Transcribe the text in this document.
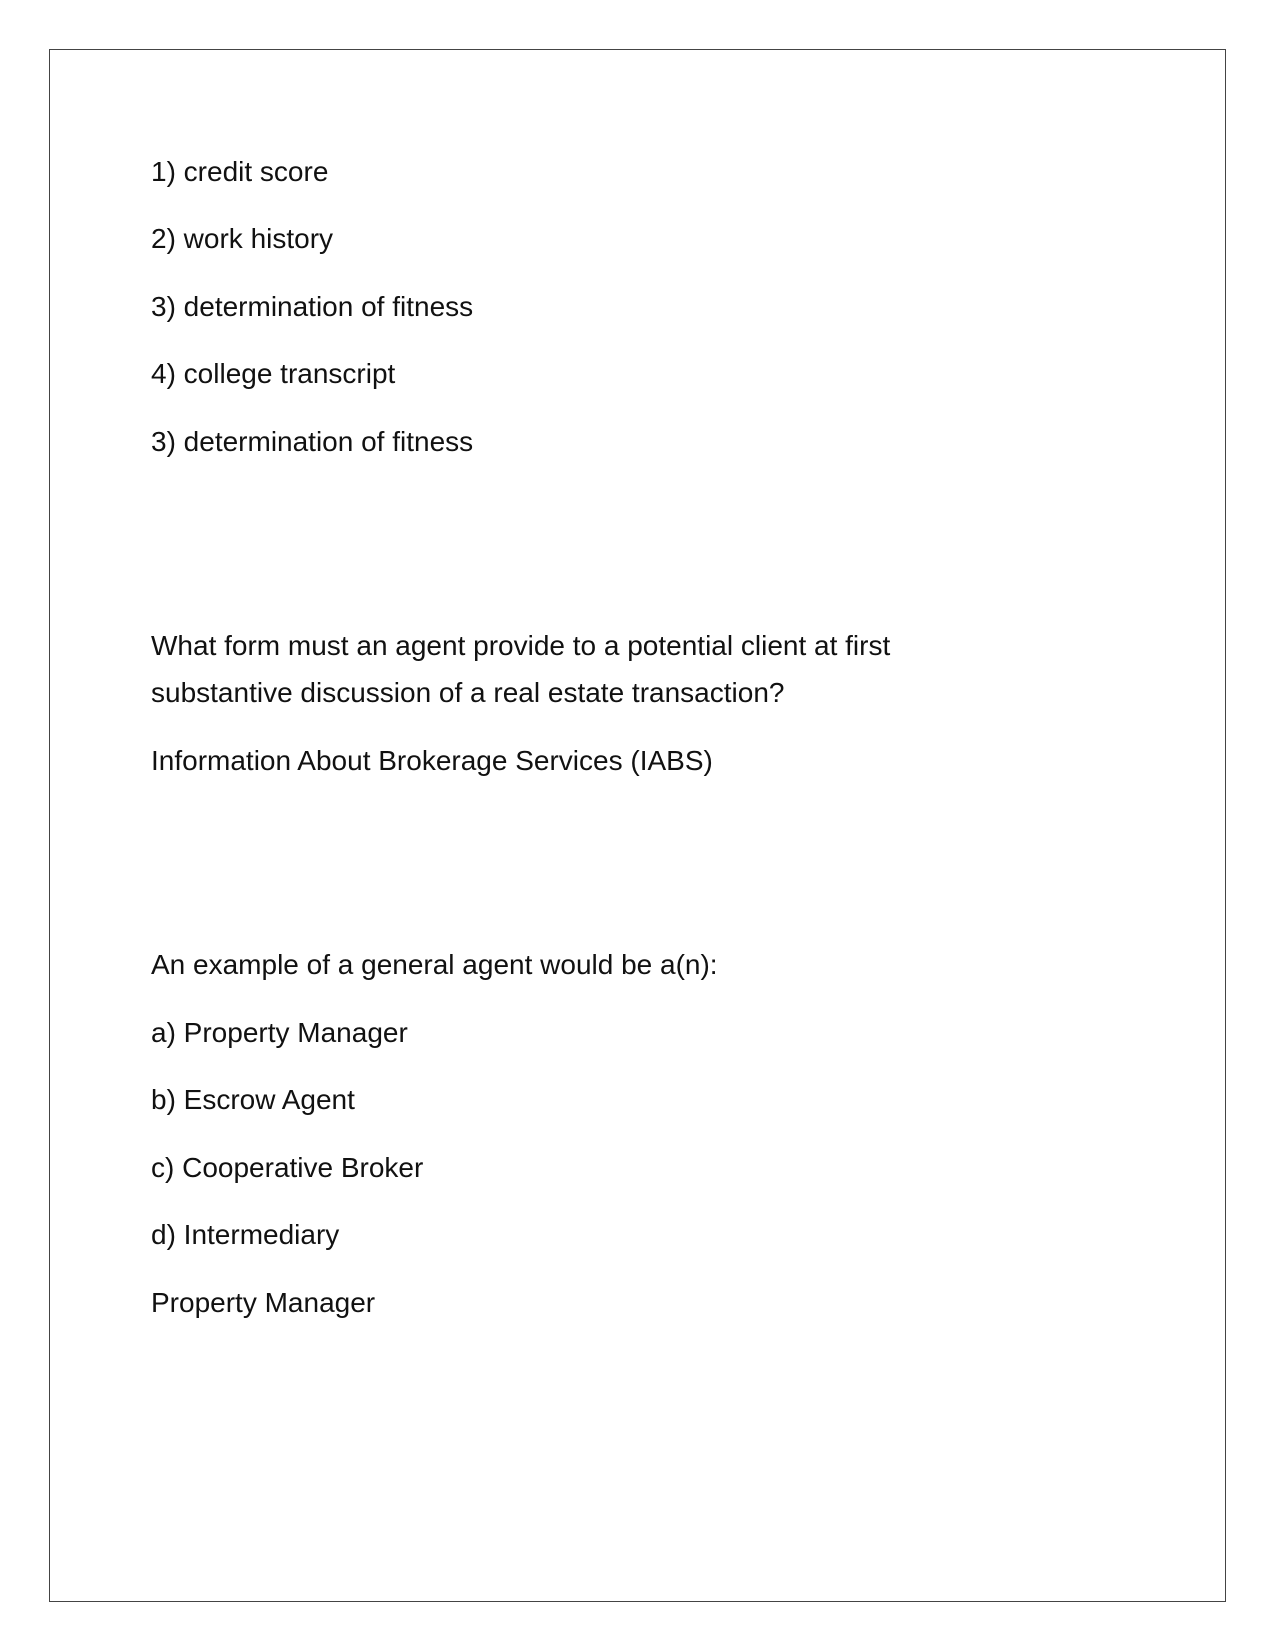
1) credit score

2) work history

3) determination of fitness

4) college transcript

3) determination of fitness

What form must an agent provide to a potential client at first

substantive discussion of a real estate transaction?

Information About Brokerage Services (IABS)

An example of a general agent would be a(n):

a) Property Manager

b) Escrow Agent

c) Cooperative Broker

d) Intermediary

Property Manager
